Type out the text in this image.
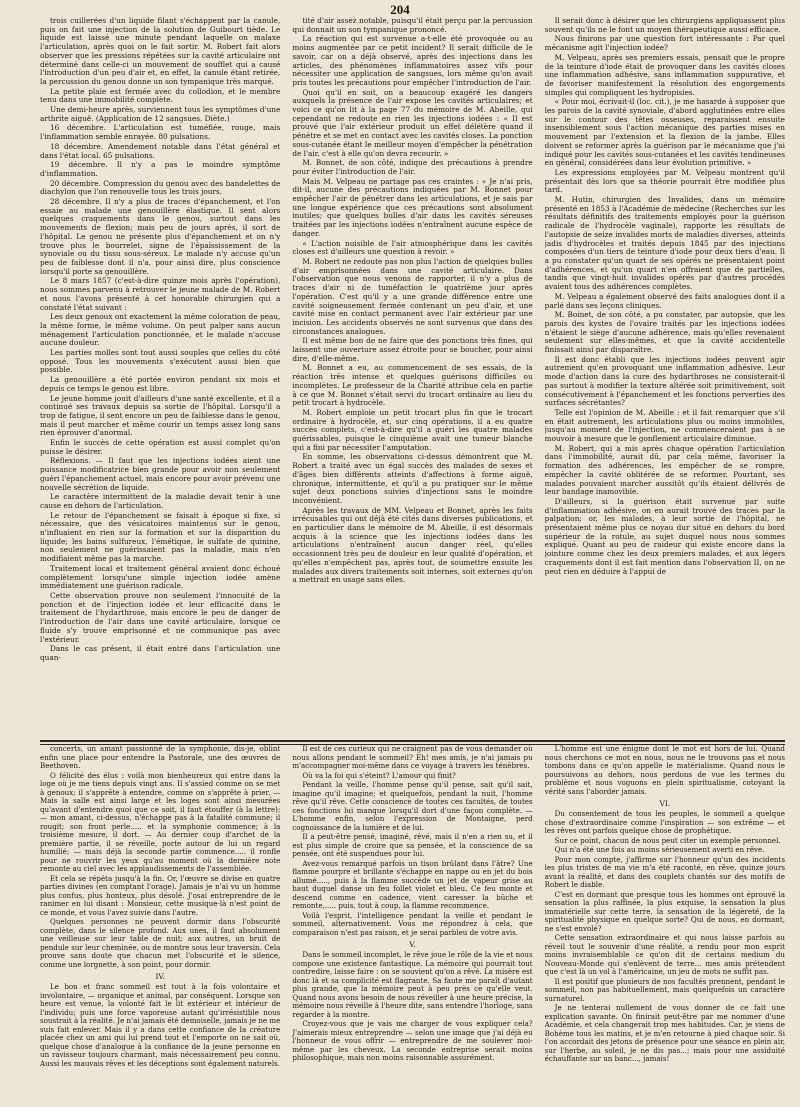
204

trois cuillerées d'un liquide filant s'échappent par la canule, puis on fait une injection de la solution de Guibourt tiède. Le liquide est laissé une minute pendant laquelle on malaxe l'articulation, après quoi on le fait sortir. M. Robert fait alors observer que les pressions répétées sur la cavité articulaire ont déterminé dans celle-ci un mouvement de soufflet qui a causé l'introduction d'un peu d'air et, en effet, la canule étant retirée, la percussion du genou donne un son tympanique très marqué.

La petite plaie est fermée avec du collodion, et le membre tenu dans une immobilité complète.

Une demi-heure après, surviennent tous les symptômes d'une arthrite aiguë. (Application de 12 sangsues. Diète.)

16 décembre. L'articulation est tuméfiée, rouge, mais l'inflammation semble enrayée. 80 pulsations.

18 décembre. Amendement notable dans l'état général et dans l'état local. 65 pulsations.

19 décembre. Il n'y a pas le moindre symptôme d'inflammation.

20 décembre. Compression du genou avec des bandelettes de diachylon que l'on renouvelle tous les trois jours.

28 décembre. Il n'y a plus de traces d'épanchement, et l'on essaie au malade une genouillère élastique. Il sent alors quelques craquements dans le genou, surtout dans les mouvements de flexion; mais peu de jours après, il sort de l'hôpital. Le genou ne présente plus d'épanchement et on n'y trouve plus le bourrelet, signe de l'épaississement de la synoviale ou du tissu sous-séreux. Le malade n'y accuse qu'un peu de faiblesse dont il n'a, pour ainsi dire, plus conscience lorsqu'il porte sa genouillère.

Le 8 mars 1857 (c'est-à-dire quinze mois après l'opération), nous sommes parvenu à retrouver le jeune malade de M. Robert et nous l'avons présenté à cet honorable chirurgien qui a constaté l'état suivant :

Les deux genoux ont exactement la même coloration de peau, la même forme, le même volume. On peut palper sans aucun ménagement l'articulation ponctionnée, et le malade n'accuse aucune douleur.

Les parties molles sont tout aussi souples que celles du côté opposé. Tous les mouvements s'exécutent aussi bien que possible.

La genouillère a été portée environ pendant six mois et depuis ce temps le genou est libre.

Le jeune homme jouit d'ailleurs d'une santé excellente, et il a continué ses travaux depuis sa sortie de l'hôpital. Lorsqu'il a trop de fatigue, il sent encore un peu de faiblesse dans le genou, mais il peut marcher et même courir un temps assez long sans rien éprouver d'anormal.

Enfin le succès de cette opération est aussi complet qu'on puisse le désirer.

Réflexions. — Il faut que les injections iodées aient une puissance modificatrice bien grande pour avoir non seulement guéri l'épanchement actuel, mais encore pour avoir prévenu une nouvelle sécrétion de liquide.

Le caractère intermittent de la maladie devait tenir à une cause en dehors de l'articulation.

Le retour de l'épanchement se faisait à époque si fixe, si nécessaire, que des vésicatoires maintenus sur le genou, n'influaient en rien sur la formation et sur la disparition du liquide; les bains sulfureux, l'émétique, le sulfate de quinine, non seulement ne guérissaient pas la maladie, mais n'en modifiaient même pas la marche.

Traitement local et traitement général avaient donc échoué complètement lorsqu'une simple injection iodée amène immédiatement une guérison radicale.

Cette observation prouve non seulement l'innocuité de la ponction et de l'injection iodée et leur efficacité dans le traitement de l'hydarthrose, mais encore le peu de danger de l'introduction de l'air dans une cavité articulaire, lorsque ce fluide s'y trouve emprisonné et ne communique pas avec l'extérieur.

Dans le cas présent, il était entré dans l'articulation une quan-

tité d'air assez notable, puisqu'il était perçu par la percussion qui donnait un son tympanique prononcé.

La réaction qui est survenue a-t-elle été provoquée ou au moins augmentée par ce petit incident? Il serait difficile de le savoir, car on a déjà observé, après des injections dans les articles, des phénomènes inflammatoires assez vifs pour nécessiter une application de sangsues, lors même qu'on avait pris toutes les précautions pour empêcher l'introduction de l'air.

Quoi qu'il en soit, on a beaucoup exagéré les dangers auxquels la présence de l'air expose les cavités articulaires; et voici ce qu'on lit à la page 77 du mémoire de M. Abeille, qui cependant ne redoute en rien les injections iodées : « Il est prouvé que l'air extérieur produit un effet délétère quand il pénètre et se met en contact avec les cavités closes. La ponction sous-cutanée étant le meilleur moyen d'empêcher la pénétration de l'air, c'est à elle qu'on devra recourir. »

M. Bonnet, de son côté, indique des précautions à prendre pour éviter l'introduction de l'air.

Mais M. Velpeau ne partage pas ces craintes : « Je n'ai pris, dit-il, aucune des précautions indiquées par M. Bonnet pour empêcher l'air de pénétrer dans les articulations, et je sais par une longue expérience que ces précautions sont absolument inutiles; que quelques bulles d'air dans les cavités séreuses traitées par les injections iodées n'entraînent aucune espèce de danger.

« L'action nuisible de l'air atmosphérique dans les cavités closes est d'ailleurs une question à revoir. »

M. Robert ne redoute pas non plus l'action de quelques bulles d'air emprisonnées dans une cavité articulaire. Dans l'observation que nous venons de rapporter, il n'y a plus de traces d'air ni de tuméfaction le quatrième jour après l'opération. C'est qu'il y a une grande différence entre une cavité soigneusement fermée contenant un peu d'air, et une cavité mise en contact permanent avec l'air extérieur par une incision. Les accidents observés ne sont survenus que dans des circonstances analogues.

Il est même bon de ne faire que des ponctions très fines, qui laissent une ouverture assez étroite pour se boucher, pour ainsi dire, d'elle-même.

M. Bonnet a eu, au commencement de ses essais, de la réaction très intense et quelques guérisons difficiles ou incomplètes. Le professeur de la Charité attribue cela en partie à ce que M. Bonnet s'était servi du trocart ordinaire au lieu du petit trocart à hydrocèle.

M. Robert emploie un petit trocart plus fin que le trocart ordinaire à hydrocèle, et, sur cinq opérations, il a eu quatre succès complets, c'est-à-dire qu'il a guéri les quatre malades guérissables, puisque le cinquième avait une tumeur blanche qui a fini par nécessiter l'amputation.

En somme, les observations ci-dessus démontrent que M. Robert a traité avec un égal succès des malades de sexes et d'âges bien différents atteints d'affections à forme aiguë, chronique, intermittente, et qu'il a pu pratiquer sur le même sujet deux ponctions suivies d'injections sans le moindre inconvénient.

Après les travaux de MM. Velpeau et Bonnet, après les faits irrécusables qui ont déjà été cités dans diverses publications, et en particulier dans le mémoire de M. Abeille, il est désormais acquis à la science que les injections iodées dans les articulations n'entraînent aucun danger réel, qu'elles occasionnent très peu de douleur en leur qualité d'opération, et qu'elles n'empêchent pas, après tout, de soumettre ensuite les malades aux divers traitements soit internes, soit externes qu'on a mettrait en usage sans elles.

Il serait donc à désirer que les chirurgiens appliquassent plus souvent qu'ils ne le font un moyen thérapeutique aussi efficace.

Nous finirons par une question fort intéressante : Par quel mécanisme agit l'injection iodée?

M. Velpeau, après ses premiers essais, pensait que le propre de la teinture d'iode était de provoquer dans les cavités closes une inflammation adhésive, sans inflammation suppurative, et de favoriser manifestement la résolution des engorgements simples qui compliquent les hydropisies.

« Pour moi, écrivait-il (loc. cit.), je me hasarde à supposer que les parois de la cavité synoviale, d'abord agglutinées entre elles sur le contour des têtes osseuses, reparaissent ensuite insensiblement sous l'action mécanique des parties mises en mouvement par l'extension et la flexion de la jambe. Elles doivent se reformer après la guérison par le mécanisme que j'ai indiqué pour les cavités sous-cutanées et les cavités tendineuses en général, considérées dans leur évolution primitive. »

Les expressions employées par M. Velpeau montrent qu'il présentait dès lors que sa théorie pourrait être modifiée plus tard.

M. Hutin, chirurgien des Invalides, dans un mémoire présenté en 1853 à l'Académie de médecine (Recherches sur les résultats définitifs des traitements employés pour la guérison radicale de l'hydrocèle vaginale), rapporte les résultats de l'autopsie de seize invalides morts de maladies diverses, atteints jadis d'hydrocèles et traités depuis 1845 par des injections composées d'un tiers de teinture d'iode pour deux tiers d'eau. Il a pu constater qu'un quart de ses opérés ne présentaient point d'adhérences, et qu'un quart n'en offraient que de partielles, tandis que vingt-huit invalides opérés par d'autres procédés avaient tous des adhérences complètes.

M. Velpeau a également observé des faits analogues dont il a parlé dans ses leçons cliniques.

M. Boinet, de son côté, a pu constater, par autopsie, que les parois des kystes de l'ovaire traités par les injections iodées n'étaient le siège d'aucune adhérence, mais qu'elles revenaient seulement sur elles-mêmes, et que la cavité accidentelle finissait ainsi par disparaître.

Il est donc établi que les injections iodées peuvent agir autrement qu'en provoquant une inflammation adhésive. Leur mode d'action dans la cure des hydarthroses ne consisterait-il pas surtout à modifier la texture altérée soit primitivement, soit consécutivement à l'épanchement et les fonctions perverties des surfaces sécrétantes?

Telle est l'opinion de M. Abeille : et il fait remarquer que s'il en était autrement, les articulations plus ou moins immobiles, jusqu'au moment de l'injection, ne commenceraient pas à se mouvoir à mesure que le gonflement articulaire diminue.

M. Robert, qui a mis après chaque opération l'articulation dans l'immobilité, aurait dû, par cela même, favoriser la formation des adhérences, les empêcher de se rompre, empêcher la cavité oblitérée de se reformer. Pourtant, ses malades pouvaient marcher aussitôt qu'ils étaient délivrés de leur bandage inamovible.

D'ailleurs, si la guérison était survenue par suite d'inflammation adhésive, on en aurait trouvé des traces par la palpation; or, les malades, à leur sortie de l'hôpital, ne présentaient même plus ce noyau dur situé en dehors du bord supérieur de la rotule, au sujet duquel nous nous sommes expliqué. Quant au peu de raideur qui existe encore dans la jointure comme chez les deux premiers malades, et aux légers craquements dont il est fait mention dans l'observation II, on ne peut rien en déduire à l'appui de

concerts, un amant passionné de la symphonie, dis-je, oblint enfin une place pour entendre la Pastorale, une des œuvres de Beethoven.

O félicité des élus : voilà mon bienheureux qui entre dans la loge où je me tiens depuis vingt ans. Il s'assied comme on se met à genoux; il s'apprête à entendre, comme on s'apprête à prier. — Mais la salle est ainsi large et les loges sont ainsi mesurées qu'avant d'entendre quoi que ce soit, il faut étouffer (à la lettre); — mon amant, ci-dessus, n'échappe pas à la fatalité commune; il rougit; son front perle..... et la symphonie commence; à la troisième mesure, il dort. — Au dernier coup d'archet de la première partie, il se réveille, porte autour de lui un regard humilié; — mais déjà la seconde partie commence..... il ronfle pour ne rouvrir les yeux qu'au moment où la dernière note remonte au ciel avec les applaudissements de l'assemblée.

Et cela se répéta jusqu'à la fin. Or, l'œuvre se divise en quatre parties divines (en comptant l'orage). Jamais je n'ai vu un homme plus confus, plus honteux, plus désolé. J'osai entreprendre de le ranimer en lui disant : Monsieur, cette musique-là n'est point de ce monde, et vous l'avez suivie dans l'autre.

Quelques personnes ne peuvent dormir dans l'obscurité complète, dans le silence profond. Aux unes, il faut absolument une veilleuse sur leur table de nuit; aux autres, un bruit de pendule sur leur cheminée, ou de montre sous leur traversin. Cela prouve sans doute que chacun met l'obscurité et le silence, comme une lorgnette, à son point, pour dormir.

IV.

Le bon et franc sommeil est tout à la fois volontaire et involontaire, — organique et animal, par conséquent. Lorsque son heure est venue, la volonté fait le lit extérieur et intérieur de l'individu; puis une force vaporeuse autant qu'irrésistible nous soustrait à la réalité. Je n'ai jamais été demoiselle, jamais je ne me suis fait enlever. Mais il y a dans cette confiance de la créature placée chez un ami qui lui prend tout et l'emporte on ne sait où, quelque chose d'analogue à la confiance de la jeune personne en un ravisseur toujours charmant, mais nécessairement peu connu. Aussi les mauvais rêves et les déceptions sont également naturels.

Il est de ces curieux qui ne craignent pas de vous demander où nous allons pendant le sommeil? Eh! mes amis, je n'ai jamais pu m'accompagner moi-même dans ce voyage à travers les ténèbres.

Où va la foi qui s'éteint? L'amour qui finit?

Pendant la veille, l'homme pense qu'il pense, sait qu'il sait, imagine qu'il imagine; et quelquefois, pendant la nuit, l'homme rêve qu'il rêve. Cette conscience de toutes ces facultés, de toutes ces fonctions lui manque lorsqu'il dort d'une façon complète. — L'homme enfin, selon l'expression de Montaigne, perd cognoissance de la lumière et de lui.

Il a peut-être pensé, imaginé, rêvé, mais il n'en a rien su, et il est plus simple de croire que sa pensée, et la conscience de sa pensée, ont été suspendues pour lui.

Avez-vous remarqué parfois un tison brûlant dans l'âtre? Une flamme pourpre et brillante s'échappe en nappe ou en jet du bois allumé....., puis à la flamme succède un jet de vapeur grise au haut duquel danse un feu follet violet et bleu. Ce feu monte et descend comme en cadence, vient caresser la bûche et remonte,..... puis, tout à coup, la flamme recommence.

Voilà l'esprit, l'intelligence pendant la veille et pendant le sommeil, alternativement. Vous me répondrez à cela, que comparaison n'est pas raison, et je serai parbleu de votre avis.

V.

Dans le sommeil incomplet, le rêve joue le rôle de la vie et nous compose une existence fantastique. La mémoire qui pourrait tout contredire, laisse faire : on se souvient qu'on a rêvé. La misère est donc là et sa complicité est flagrante. Sa faute me paraît d'autant plus grande, que la mémoire peut à peu près ce qu'elle veut. Quand nous avons besoin de nous réveiller à une heure précise, la mémoire nous réveille à l'heure dite, sans entendre l'horloge, sans regarder à la montre.

Croyez-vous que je vais me charger de vous expliquer cela? J'aimerais mieux entreprendre — selon une image que j'ai déjà eu l'honneur de vous offrir — entreprendre de me soulever moi-même par les cheveux. La seconde entreprise serait moins philosophique, mais non moins raisonnable assurément.

L'homme est une énigme dont le mot est hors de lui. Quand nous cherchons ce mot en nous, nous ne le trouvons pas et nous tombons dans ce qu'on appelle le matérialisme. Quand nous le poursuivons au dehors, nous perdons de vue les termes du problème et nous voguons en plein spiritualisme, cotoyant la vérité sans l'aborder jamais.

VI.

Du consentement de tous les peuples, le sommeil a quelque chose d'extraordinaire comme l'inspiration — son extrême — et les rêves ont parfois quelque chose de prophétique.

Sur ce point, chacun de nous peut citer un exemple personnel.

Qui n'a été une fois au moins sérieusement averti en rêve.

Pour mon compte, j'affirme sur l'honneur qu'un des incidents les plus tristes de ma vie m'a été raconté, en rêve, quinze jours avant la réalité, et dans des couplets chantés sur des motifs de Robert le diable.

C'est en dormant que presque tous les hommes ont éprouvé la sensation la plus raffinée, la plus exquise, la sensation la plus immatérielle sur cette terre, la sensation de la légèreté, de la spiritualité physique en quelque sorte? Qui de nous, en dormant, ne s'est envolé?

Cette sensation extraordinaire et qui nous laisse parfois au réveil tout le souvenir d'une réalité, a rendu pour mon esprit moins invraisemblable ce qu'on dit de certains medium du Nouveau-Monde qui s'enlèvent de terre... mes amis prétendent que c'est là un vol à l'américaine, un jeu de mots ne suffit pas.

Il est positif que plusieurs de nos facultés prennent, pendant le sommeil, non pas habituellement, mais quelquefois un caractère surnaturel.

Je ne tenterai nullement de vous donner de ce fait une explication savante. On finirait peut-être par me nommer d'une Académie, et cela changerait trop mes habitudes. Car, je viens de Bohème tous les matins, et je m'en retourne à pied chaque soir. Si l'on accordait des jetons de présence pour une séance en plein air, sur l'herbe, au soleil, je ne dis pas...; mais pour une assiduité échauffante sur un banc..., jamais!
